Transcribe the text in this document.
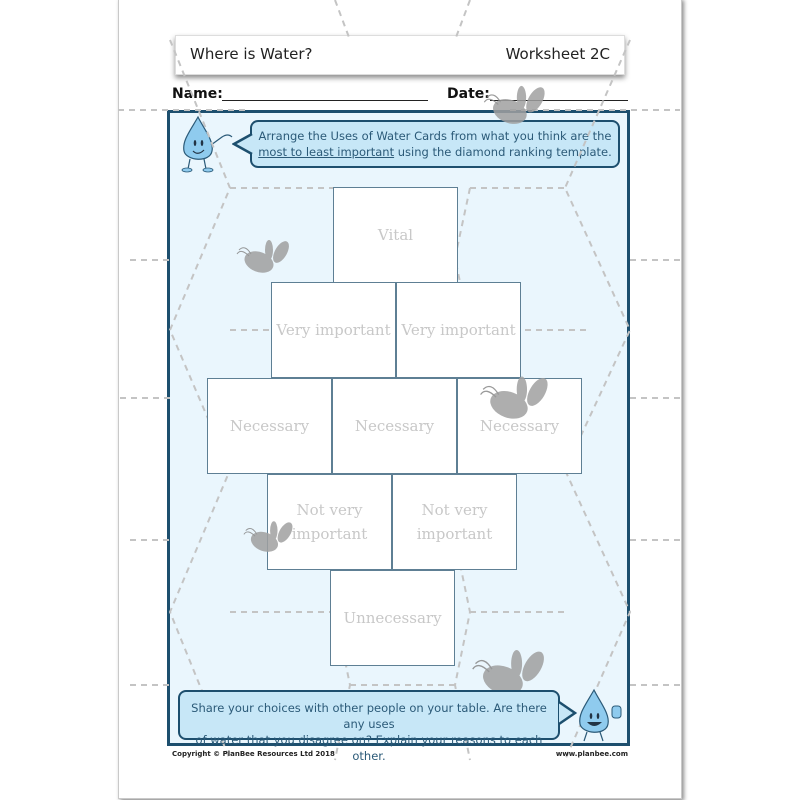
Where is Water?	Worksheet 2C
Name:	Date:
Arrange the Uses of Water Cards from what you think are the
most to least important using the diamond ranking template.
Vital
Very important Very important
Necessary	Necessary	Necessary
Not very important
Not very important
Unnecessary
Share your choices with other people on your table. Are there any uses
of water that you disagree on? Explain your reasons to each other.
Copyright © PlanBee Resources Ltd 2018	www.planbee.com
